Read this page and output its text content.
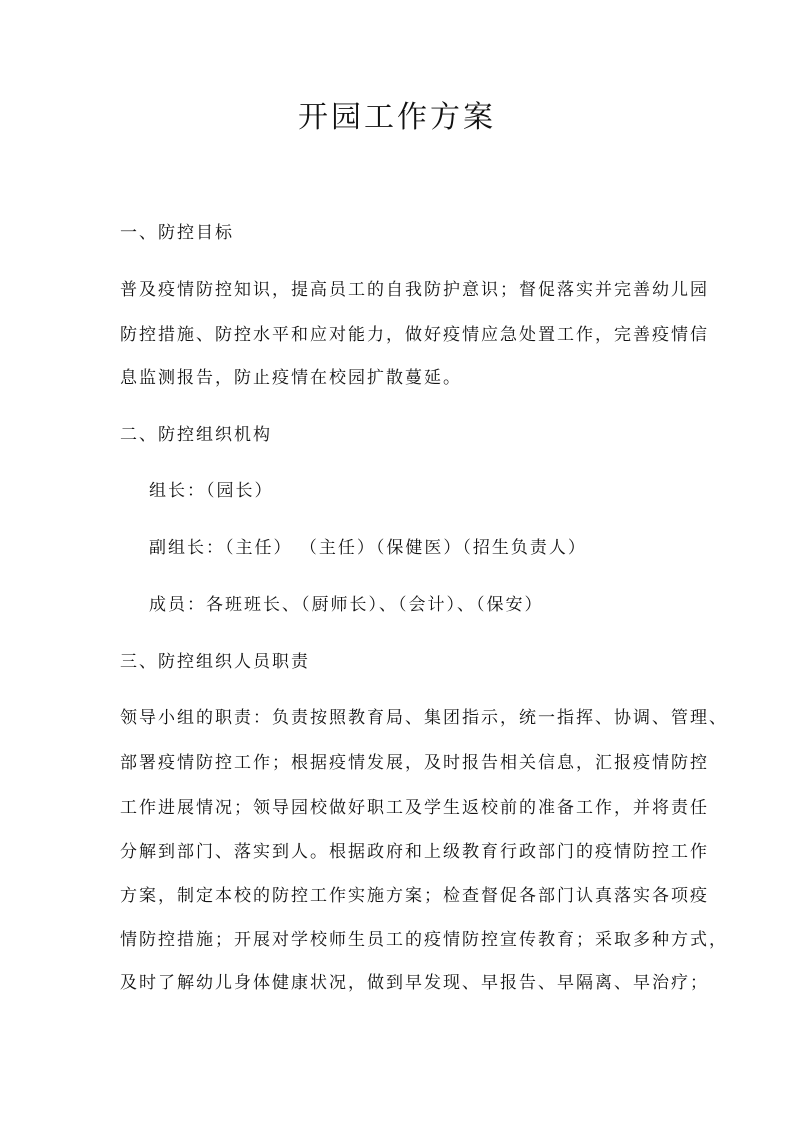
开园工作方案
一、防控目标
普及疫情防控知识，提高员工的自我防护意识；督促落实并完善幼儿园
防控措施、防控水平和应对能力，做好疫情应急处置工作，完善疫情信
息监测报告，防止疫情在校园扩散蔓延。
二、防控组织机构
组长：（园长）
副组长：（主任） （主任）（保健医）（招生负责人）
成员：各班班长、（厨师长）、（会计）、（保安）
三、防控组织人员职责
领导小组的职责：负责按照教育局、集团指示，统一指挥、协调、管理、
部署疫情防控工作；根据疫情发展，及时报告相关信息，汇报疫情防控
工作进展情况；领导园校做好职工及学生返校前的准备工作，并将责任
分解到部门、落实到人。根据政府和上级教育行政部门的疫情防控工作
方案，制定本校的防控工作实施方案；检查督促各部门认真落实各项疫
情防控措施；开展对学校师生员工的疫情防控宣传教育；采取多种方式，
及时了解幼儿身体健康状况，做到早发现、早报告、早隔离、早治疗；
